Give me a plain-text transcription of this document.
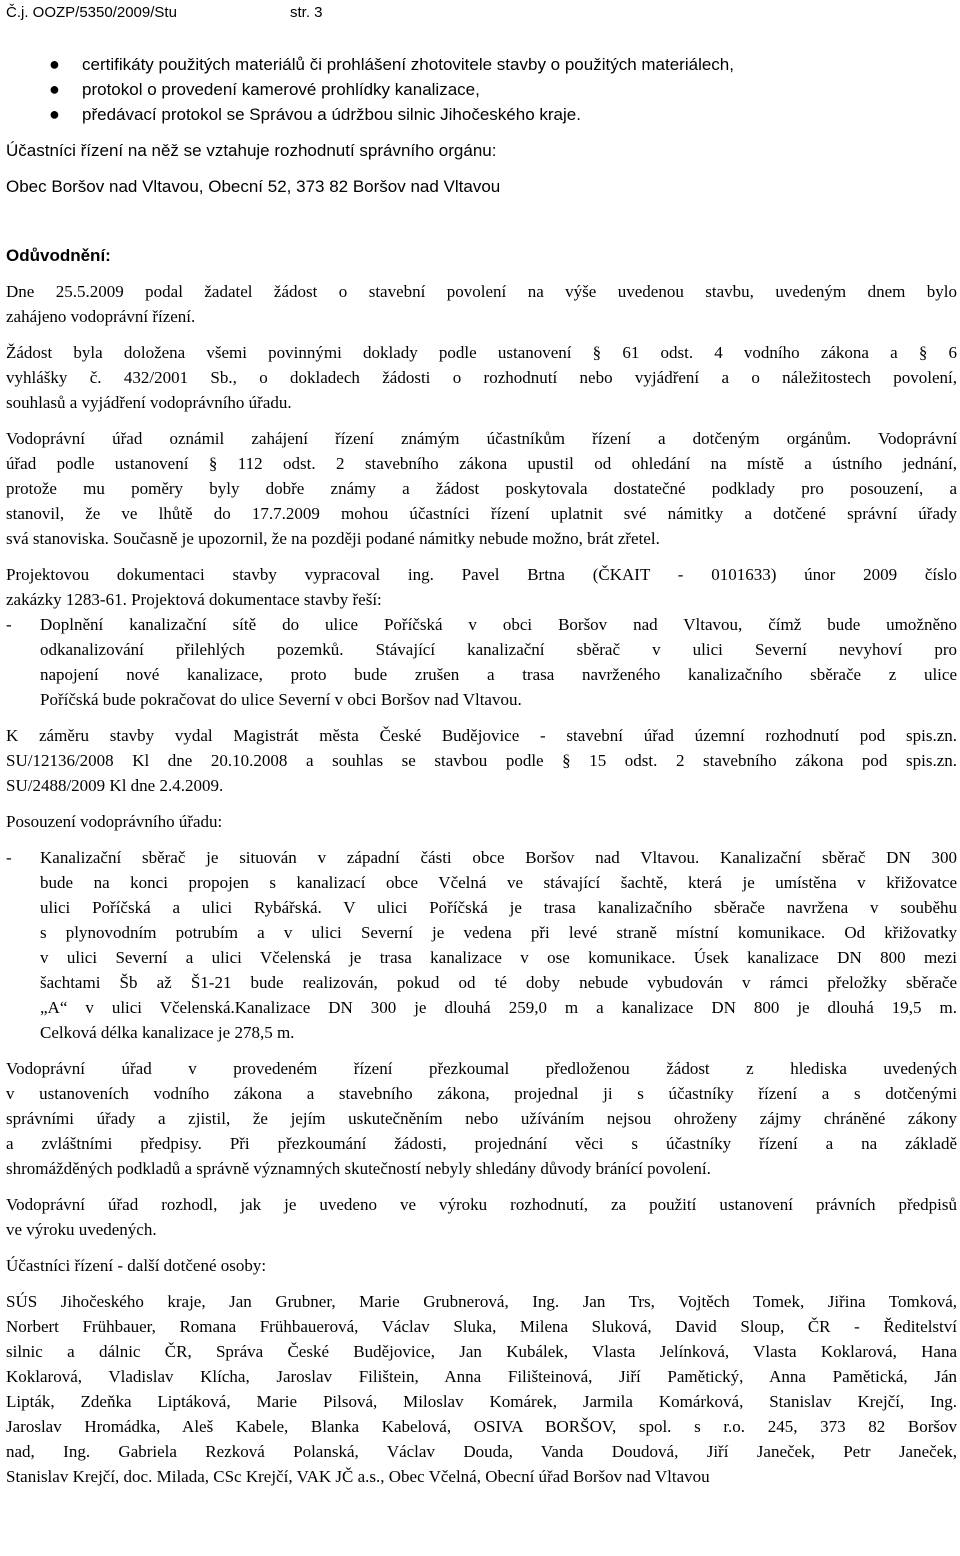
Č.j. OOZP/5350/2009/Stu	str. 3
● certifikáty použitých materiálů či prohlášení zhotovitele stavby o použitých materiálech,
● protokol o provedení kamerové prohlídky kanalizace,
● předávací protokol se Správou a údržbou silnic Jihočeského kraje.
Účastníci řízení na něž se vztahuje rozhodnutí správního orgánu:
Obec Boršov nad Vltavou, Obecní 52, 373 82 Boršov nad Vltavou
Odůvodnění:
Dne 25.5.2009 podal žadatel žádost o stavební povolení na výše uvedenou stavbu, uvedeným dnem bylo
zahájeno vodoprávní řízení.
Žádost byla doložena všemi povinnými doklady podle ustanovení § 61 odst. 4 vodního zákona a § 6
vyhlášky č. 432/2001 Sb., o dokladech žádosti o rozhodnutí nebo vyjádření a o náležitostech povolení,
souhlasů a vyjádření vodoprávního úřadu.
Vodoprávní úřad oznámil zahájení řízení známým účastníkům řízení a dotčeným orgánům. Vodoprávní
úřad podle ustanovení § 112 odst. 2 stavebního zákona upustil od ohledání na místě a ústního jednání,
protože mu poměry byly dobře známy a žádost poskytovala dostatečné podklady pro posouzení, a
stanovil, že ve lhůtě do 17.7.2009 mohou účastníci řízení uplatnit své námitky a dotčené správní úřady
svá stanoviska. Současně je upozornil, že na později podané námitky nebude možno, brát zřetel.
Projektovou dokumentaci stavby vypracoval ing. Pavel Brtna (ČKAIT - 0101633) únor 2009 číslo
zakázky 1283-61. Projektová dokumentace stavby řeší:
- Doplnění kanalizační sítě do ulice Poříčská v obci Boršov nad Vltavou, čímž bude umožněno
odkanalizování přilehlých pozemků. Stávající kanalizační sběrač v ulici Severní nevyhoví pro
napojení nové kanalizace, proto bude zrušen a trasa navrženého kanalizačního sběrače z ulice
Poříčská bude pokračovat do ulice Severní v obci Boršov nad Vltavou.
K záměru stavby vydal Magistrát města České Budějovice - stavební úřad územní rozhodnutí pod spis.zn.
SU/12136/2008 Kl dne 20.10.2008 a souhlas se stavbou podle § 15 odst. 2 stavebního zákona pod spis.zn.
SU/2488/2009 Kl dne 2.4.2009.
Posouzení vodoprávního úřadu:
- Kanalizační sběrač je situován v západní části obce Boršov nad Vltavou. Kanalizační sběrač DN 300
bude na konci propojen s kanalizací obce Včelná ve stávající šachtě, která je umístěna v křižovatce
ulici Poříčská a ulici Rybářská. V ulici Poříčská je trasa kanalizačního sběrače navržena v souběhu
s plynovodním potrubím a v ulici Severní je vedena při levé straně místní komunikace. Od křižovatky
v ulici Severní a ulici Včelenská je trasa kanalizace v ose komunikace. Úsek kanalizace DN 800 mezi
šachtami Šb až Š1-21 bude realizován, pokud od té doby nebude vybudován v rámci přeložky sběrače
„A“ v ulici Včelenská.Kanalizace DN 300 je dlouhá 259,0 m a kanalizace DN 800 je dlouhá 19,5 m.
Celková délka kanalizace je 278,5 m.
Vodoprávní úřad v provedeném řízení přezkoumal předloženou žádost z hlediska uvedených
v ustanoveních vodního zákona a stavebního zákona, projednal ji s účastníky řízení a s dotčenými
správními úřady a zjistil, že jejím uskutečněním nebo užíváním nejsou ohroženy zájmy chráněné zákony
a zvláštními předpisy. Při přezkoumání žádosti, projednání věci s účastníky řízení a na základě
shromážděných podkladů a správně významných skutečností nebyly shledány důvody bránící povolení.
Vodoprávní úřad rozhodl, jak je uvedeno ve výroku rozhodnutí, za použití ustanovení právních předpisů
ve výroku uvedených.
Účastníci řízení - další dotčené osoby:
SÚS Jihočeského kraje, Jan Grubner, Marie Grubnerová, Ing. Jan Trs, Vojtěch Tomek, Jiřina Tomková,
Norbert Frühbauer, Romana Frühbauerová, Václav Sluka, Milena Sluková, David Sloup, ČR - Ředitelství
silnic a dálnic ČR, Správa České Budějovice, Jan Kubálek, Vlasta Jelínková, Vlasta Koklarová, Hana
Koklarová, Vladislav Klícha, Jaroslav Filištein, Anna Filišteinová, Jiří Pamětický, Anna Pamětická, Ján
Lipták, Zdeňka Liptáková, Marie Pilsová, Miloslav Komárek, Jarmila Komárková, Stanislav Krejčí, Ing.
Jaroslav Hromádka, Aleš Kabele, Blanka Kabelová, OSIVA BORŠOV, spol. s r.o. 245, 373 82 Boršov
nad, Ing. Gabriela Rezková Polanská, Václav Douda, Vanda Doudová, Jiří Janeček, Petr Janeček,
Stanislav Krejčí, doc. Milada, CSc Krejčí, VAK JČ a.s., Obec Včelná, Obecní úřad Boršov nad Vltavou
